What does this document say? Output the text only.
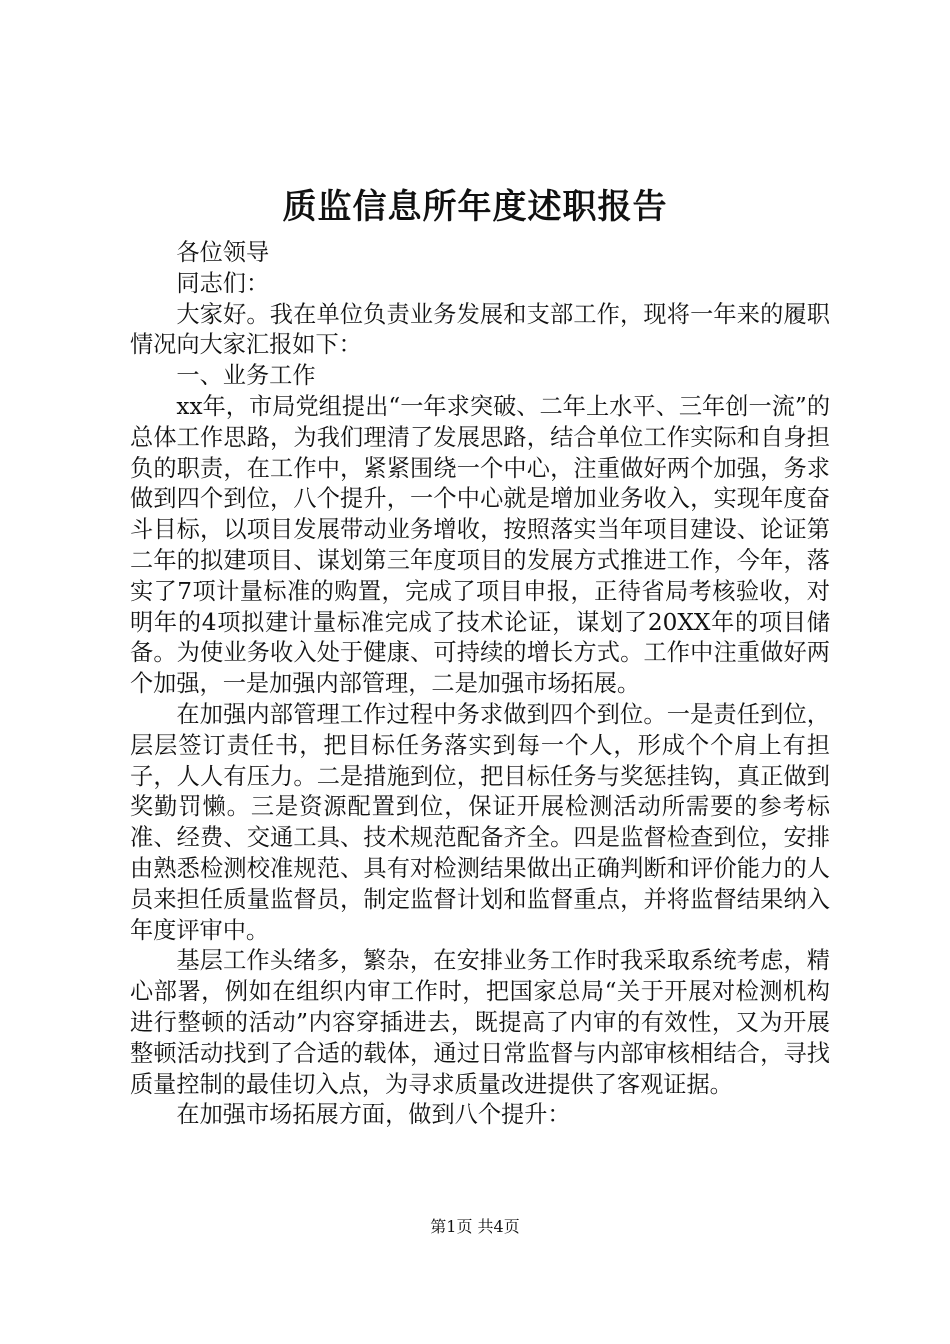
质监信息所年度述职报告

各位领导

同志们：

大家好。我在单位负责业务发展和支部工作，现将一年来的履职情况向大家汇报如下：

一、业务工作

xx年，市局党组提出“一年求突破、二年上水平、三年创一流”的总体工作思路，为我们理清了发展思路，结合单位工作实际和自身担负的职责，在工作中，紧紧围绕一个中心，注重做好两个加强，务求做到四个到位，八个提升，一个中心就是增加业务收入，实现年度奋斗目标，以项目发展带动业务增收，按照落实当年项目建设、论证第二年的拟建项目、谋划第三年度项目的发展方式推进工作，今年，落实了7项计量标准的购置，完成了项目申报，正待省局考核验收，对明年的4项拟建计量标准完成了技术论证，谋划了20XX年的项目储备。为使业务收入处于健康、可持续的增长方式。工作中注重做好两个加强，一是加强内部管理，二是加强市场拓展。

在加强内部管理工作过程中务求做到四个到位。一是责任到位，层层签订责任书，把目标任务落实到每一个人，形成个个肩上有担子，人人有压力。二是措施到位，把目标任务与奖惩挂钩，真正做到奖勤罚懒。三是资源配置到位，保证开展检测活动所需要的参考标准、经费、交通工具、技术规范配备齐全。四是监督检查到位，安排由熟悉检测校准规范、具有对检测结果做出正确判断和评价能力的人员来担任质量监督员，制定监督计划和监督重点，并将监督结果纳入年度评审中。

基层工作头绪多，繁杂，在安排业务工作时我采取系统考虑，精心部署，例如在组织内审工作时，把国家总局“关于开展对检测机构进行整顿的活动”内容穿插进去，既提高了内审的有效性，又为开展整顿活动找到了合适的载体，通过日常监督与内部审核相结合，寻找质量控制的最佳切入点，为寻求质量改进提供了客观证据。

在加强市场拓展方面，做到八个提升：

第1页 共4页
